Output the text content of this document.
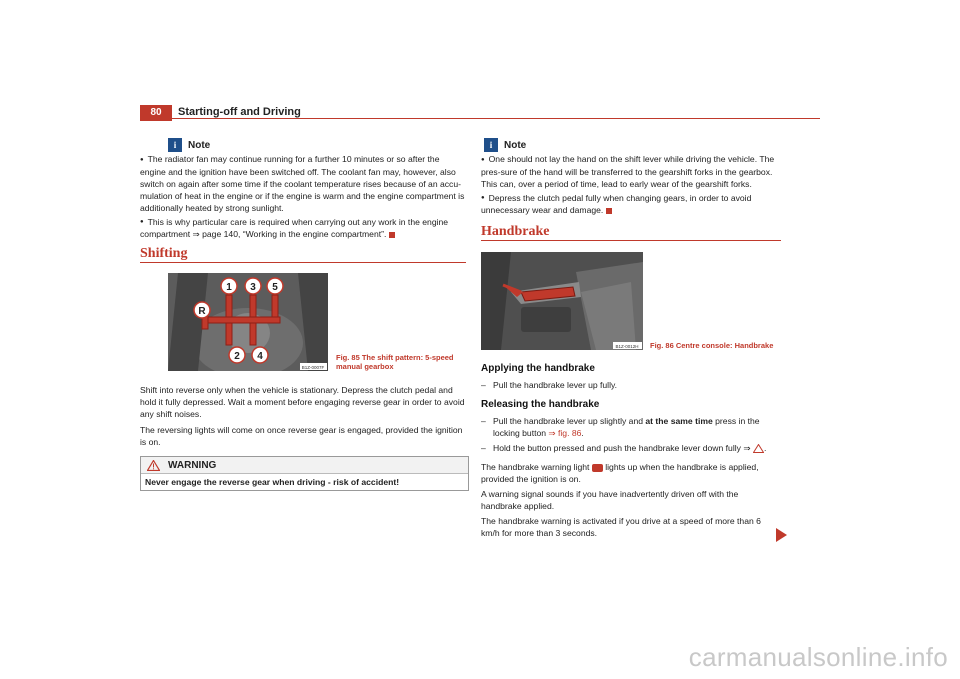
80	Starting-off and Driving
i	Note

● The radiator fan may continue running for a further 10 minutes or so after the engine and the ignition have been switched off. The coolant fan may, however, also switch on again after some time if the coolant temperature rises because of an accu-mulation of heat in the engine or if the engine is warm and the engine compartment is additionally heated by strong sunlight.

● This is why particular care is required when carrying out any work in the engine compartment ⇒ page 140, “Working in the engine compartment”.

Shifting
1 3 5
R
2 4
B1Z-0007F
Fig. 85 The shift pattern: 5-speed manual gearbox

Shift into reverse only when the vehicle is stationary. Depress the clutch pedal and hold it fully depressed. Wait a moment before engaging reverse gear in order to avoid any shift noises.

The reversing lights will come on once reverse gear is engaged, provided the ignition is on.

WARNING
Never engage the reverse gear when driving - risk of accident!
i	Note

● One should not lay the hand on the shift lever while driving the vehicle. The pres-sure of the hand will be transferred to the gearshift forks in the gearbox. This can, over a period of time, lead to early wear of the gearshift forks.

● Depress the clutch pedal fully when changing gears, in order to avoid unnecessary wear and damage.

Handbrake
B1Z-0012H Fig. 86 Centre console: Handbrake
Applying the handbrake
– Pull the handbrake lever up fully.
Releasing the handbrake
– Pull the handbrake lever up slightly and at the same time press in the locking button ⇒ fig. 86.
– Hold the button pressed and push the handbrake lever down fully ⇒ .

The handbrake warning light lights up when the handbrake is applied, provided the ignition is on.

A warning signal sounds if you have inadvertently driven off with the handbrake applied.

The handbrake warning is activated if you drive at a speed of more than 6 km/h for more than 3 seconds.

carmanualsonline.info
